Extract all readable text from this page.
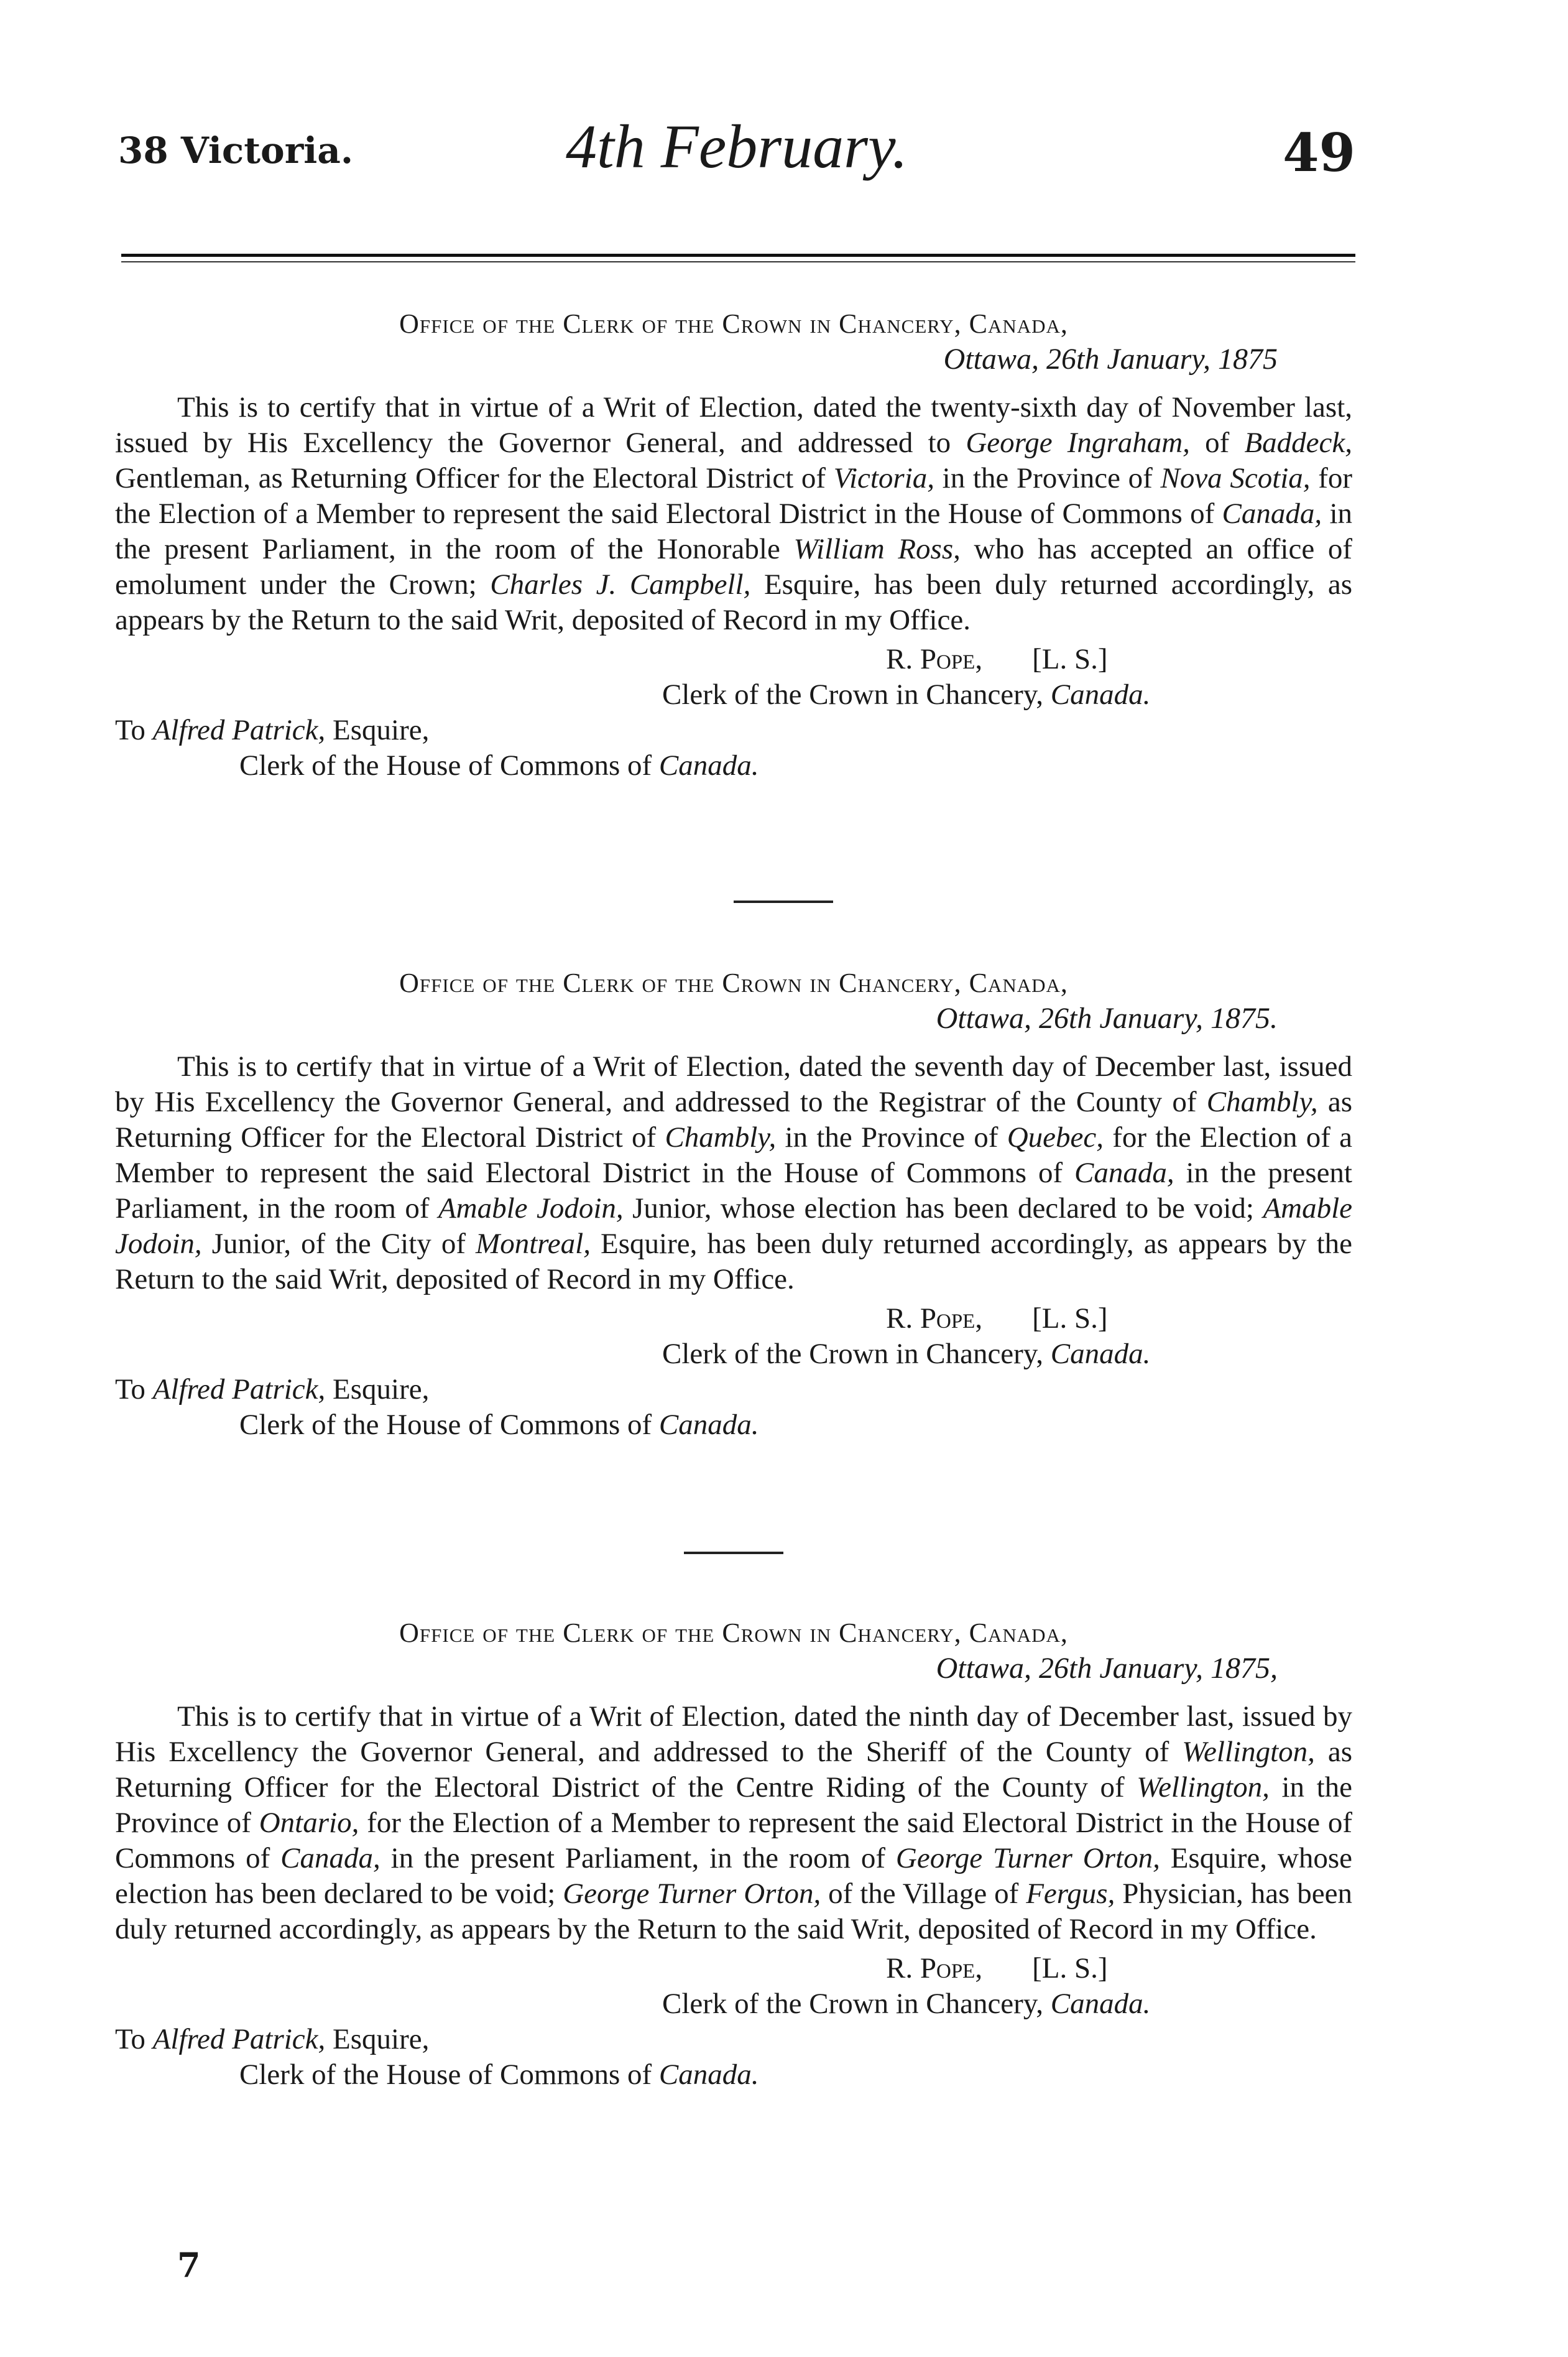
38 Victoria.	4th February.	49
Office of the Clerk of the Crown in Chancery, Canada,
Ottawa, 26th January, 1875
This is to certify that in virtue of a Writ of Election, dated the twenty-sixth day of November last, issued by His Excellency the Governor General, and addressed to George Ingraham, of Baddeck, Gentleman, as Returning Officer for the Electoral District of Victoria, in the Province of Nova Scotia, for the Election of a Member to represent the said Electoral District in the House of Commons of Canada, in the present Parliament, in the room of the Honorable William Ross, who has accepted an office of emolument under the Crown; Charles J. Campbell, Esquire, has been duly returned accordingly, as appears by the Return to the said Writ, deposited of Record in my Office.
R. Pope, [L. S.]
Clerk of the Crown in Chancery, Canada.
To Alfred Patrick, Esquire,
Clerk of the House of Commons of Canada.
Office of the Clerk of the Crown in Chancery, Canada,
Ottawa, 26th January, 1875.
This is to certify that in virtue of a Writ of Election, dated the seventh day of December last, issued by His Excellency the Governor General, and addressed to the Registrar of the County of Chambly, as Returning Officer for the Electoral District of Chambly, in the Province of Quebec, for the Election of a Member to represent the said Electoral District in the House of Commons of Canada, in the present Parliament, in the room of Amable Jodoin, Junior, whose election has been declared to be void; Amable Jodoin, Junior, of the City of Montreal, Esquire, has been duly returned accordingly, as appears by the Return to the said Writ, deposited of Record in my Office.
R. Pope, [L. S.]
Clerk of the Crown in Chancery, Canada.
To Alfred Patrick, Esquire,
Clerk of the House of Commons of Canada.
Office of the Clerk of the Crown in Chancery, Canada,
Ottawa, 26th January, 1875,
This is to certify that in virtue of a Writ of Election, dated the ninth day of December last, issued by His Excellency the Governor General, and addressed to the Sheriff of the County of Wellington, as Returning Officer for the Electoral District of the Centre Riding of the County of Wellington, in the Province of Ontario, for the Election of a Member to represent the said Electoral District in the House of Commons of Canada, in the present Parliament, in the room of George Turner Orton, Esquire, whose election has been declared to be void; George Turner Orton, of the Village of Fergus, Physician, has been duly returned accordingly, as appears by the Return to the said Writ, deposited of Record in my Office.
R. Pope, [L. S.]
Clerk of the Crown in Chancery, Canada.
To Alfred Patrick, Esquire,
Clerk of the House of Commons of Canada.
7
